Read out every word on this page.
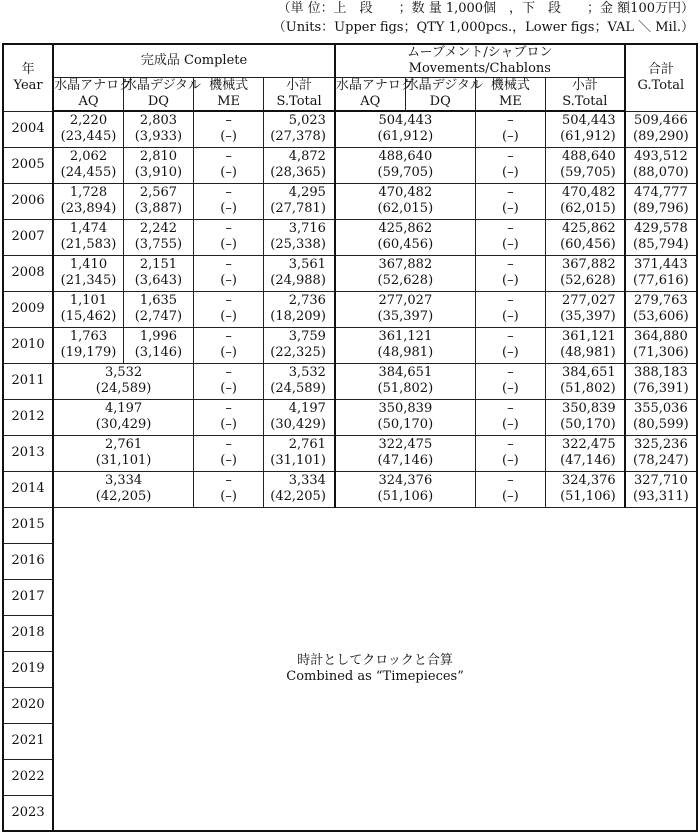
（単 位：上　段　　；数 量 1,000個　，下　段　　；金 額100万円）
（Units：Upper figs；QTY 1,000pcs.，Lower figs；VAL ＼ Mil.）
年
Year	完成品 Complete				ムーブメント/シャブロン Movements/Chablons				合計
G.Total

	水晶アナログ
AQ	水晶デジタル
DQ	機械式
ME	小計
S.Total	水晶アナログ
AQ	水晶デジタル
DQ	機械式
ME	小計
S.Total	

2004	2,220
(23,445)	2,803
(3,933)	–
(–)	5,023
(27,378)	504,443
(61,912)		–
(–)	504,443
(61,912)	509,466
(89,290)

2005	2,062
(24,455)	2,810
(3,910)	–
(–)	4,872
(28,365)	488,640
(59,705)		–
(–)	488,640
(59,705)	493,512
(88,070)

2006	1,728
(23,894)	2,567
(3,887)	–
(–)	4,295
(27,781)	470,482
(62,015)		–
(–)	470,482
(62,015)	474,777
(89,796)

2007	1,474
(21,583)	2,242
(3,755)	–
(–)	3,716
(25,338)	425,862
(60,456)		–
(–)	425,862
(60,456)	429,578
(85,794)

2008	1,410
(21,345)	2,151
(3,643)	–
(–)	3,561
(24,988)	367,882
(52,628)		–
(–)	367,882
(52,628)	371,443
(77,616)

2009	1,101
(15,462)	1,635
(2,747)	–
(–)	2,736
(18,209)	277,027
(35,397)		–
(–)	277,027
(35,397)	279,763
(53,606)

2010	1,763
(19,179)	1,996
(3,146)	–
(–)	3,759
(22,325)	361,121
(48,981)		–
(–)	361,121
(48,981)	364,880
(71,306)

2011	3,532
(24,589)		–
(–)	3,532
(24,589)	384,651
(51,802)		–
(–)	384,651
(51,802)	388,183
(76,391)

2012	4,197
(30,429)		–
(–)	4,197
(30,429)	350,839
(50,170)		–
(–)	350,839
(50,170)	355,036
(80,599)

2013	2,761
(31,101)		–
(–)	2,761
(31,101)	322,475
(47,146)		–
(–)	322,475
(47,146)	325,236
(78,247)

2014	3,334
(42,205)		–
(–)	3,334
(42,205)	324,376
(51,106)		–
(–)	324,376
(51,106)	327,710
(93,311)

2015	時計としてクロックと合算
Combined as “Timepieces”								

2016									
2017									
2018									
2019									
2020									
2021									
2022									
2023									
